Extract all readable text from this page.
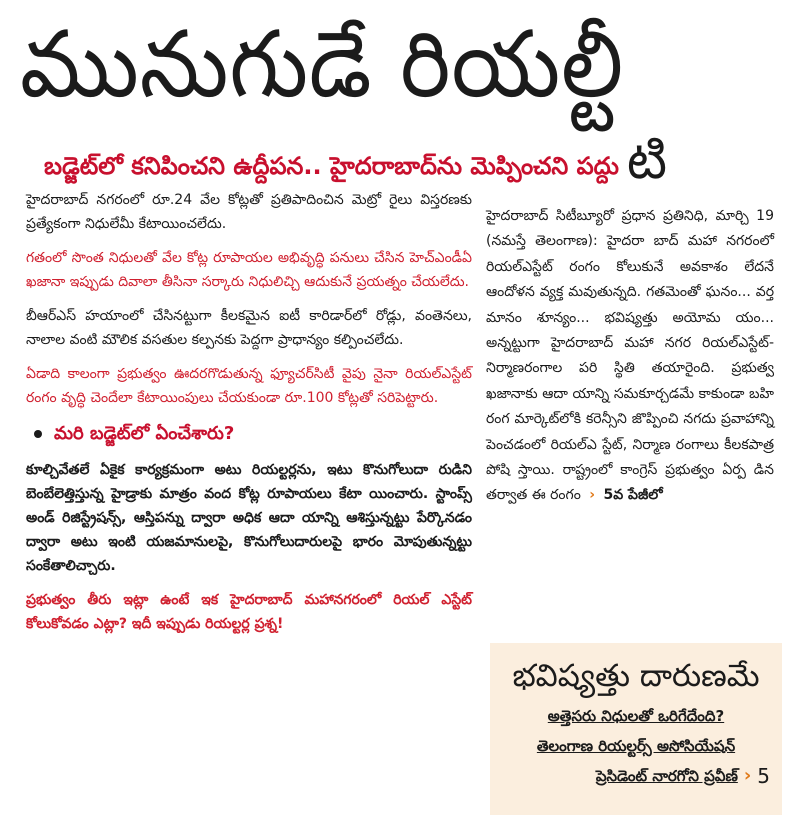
మునుగుడే రియల్టీ
బడ్జెట్‌లో కనిపించని ఉద్దీపన.. హైదరాబాద్‌ను మెప్పించని పద్దు టి

హైదరాబాద్ నగరంలో రూ.24 వేల కోట్లతో ప్రతిపాదించిన మెట్రో రైలు విస్తరణకు ప్రత్యేకంగా నిధులేమీ కేటాయించలేదు.

గతంలో సొంత నిధులతో వేల కోట్ల రూపాయల అభివృద్ధి పనులు చేసిన హెచ్ఎండీఏ ఖజానా ఇప్పుడు దివాలా తీసినా సర్కారు నిధులిచ్చి ఆదుకునే ప్రయత్నం చేయలేదు.

బీఆర్ఎస్ హయాంలో చేసినట్టుగా కీలకమైన ఐటీ కారిడార్‌లో రోడ్లు, వంతెనలు, నాలాల వంటి మౌలిక వసతుల కల్పనకు పెద్దగా ప్రాధాన్యం కల్పించలేదు.

ఏడాది కాలంగా ప్రభుత్వం ఊదరగొడుతున్న ఫ్యూచర్‌సిటీ వైపు నైనా రియల్ఎస్టేట్ రంగం వృద్ధి చెందేలా కేటాయింపులు చేయకుండా రూ.100 కోట్లతో సరిపెట్టారు.

మరి బడ్జెట్‌లో ఏంచేశారు?

కూల్చివేతలే ఏకైక కార్యక్రమంగా అటు రియల్టర్లను, ఇటు కొనుగోలుదా రుడిని బెంబేలెత్తిస్తున్న హైడ్రాకు మాత్రం వంద కోట్ల రూపాయలు కేటా యించారు. స్టాంప్స్ అండ్ రిజిస్ట్రేషన్స్, ఆస్తిపన్ను ద్వారా అధిక ఆదా యాన్ని ఆశిస్తున్నట్టు పేర్కొనడం ద్వారా అటు ఇంటి యజమానులపై, కొనుగోలుదారులపై భారం మోపుతున్నట్టు సంకేతాలిచ్చారు.

ప్రభుత్వం తీరు ఇట్లా ఉంటే ఇక హైదరాబాద్ మహానగరంలో రియల్ ఎస్టేట్ కోలుకోవడం ఎట్లా? ఇదీ ఇప్పుడు రియల్టర్ల ప్రశ్న!

హైదరాబాద్ సిటీబ్యూరో ప్రధాన ప్రతినిధి, మార్చి 19 (నమస్తే తెలంగాణ): హైదరా బాద్ మహా నగరంలో రియల్ఎస్టేట్ రంగం కోలుకునే అవకాశం లేదనే ఆందోళన వ్యక్త మవుతున్నది. గతమెంతో ఘనం... వర్త మానం శూన్యం... భవిష్యత్తు అయోమ యం... అన్నట్టుగా హైదరాబాద్ మహా నగర రియల్ఎస్టేట్- నిర్మాణరంగాల పరి స్థితి తయారైంది. ప్రభుత్వ ఖజానాకు ఆదా యాన్ని సమకూర్చడమే కాకుండా బహి రంగ మార్కెట్‌లోకి కరెన్సీని జొప్పించి నగదు ప్రవాహాన్ని పెంచడంలో రియల్ఎ స్టేట్, నిర్మాణ రంగాలు కీలకపాత్ర పోషి స్తాయి. రాష్ట్రంలో కాంగ్రెస్ ప్రభుత్వం ఏర్ప డిన తర్వాత ఈ రంగం › 5వ పేజీలో

భవిష్యత్తు దారుణమే
అత్తెసరు నిధులతో ఒరిగేదేంది?
తెలంగాణ రియల్టర్స్ అసోసియేషన్
ప్రెసిడెంట్ నారగోని ప్రవీణ్ › 5
